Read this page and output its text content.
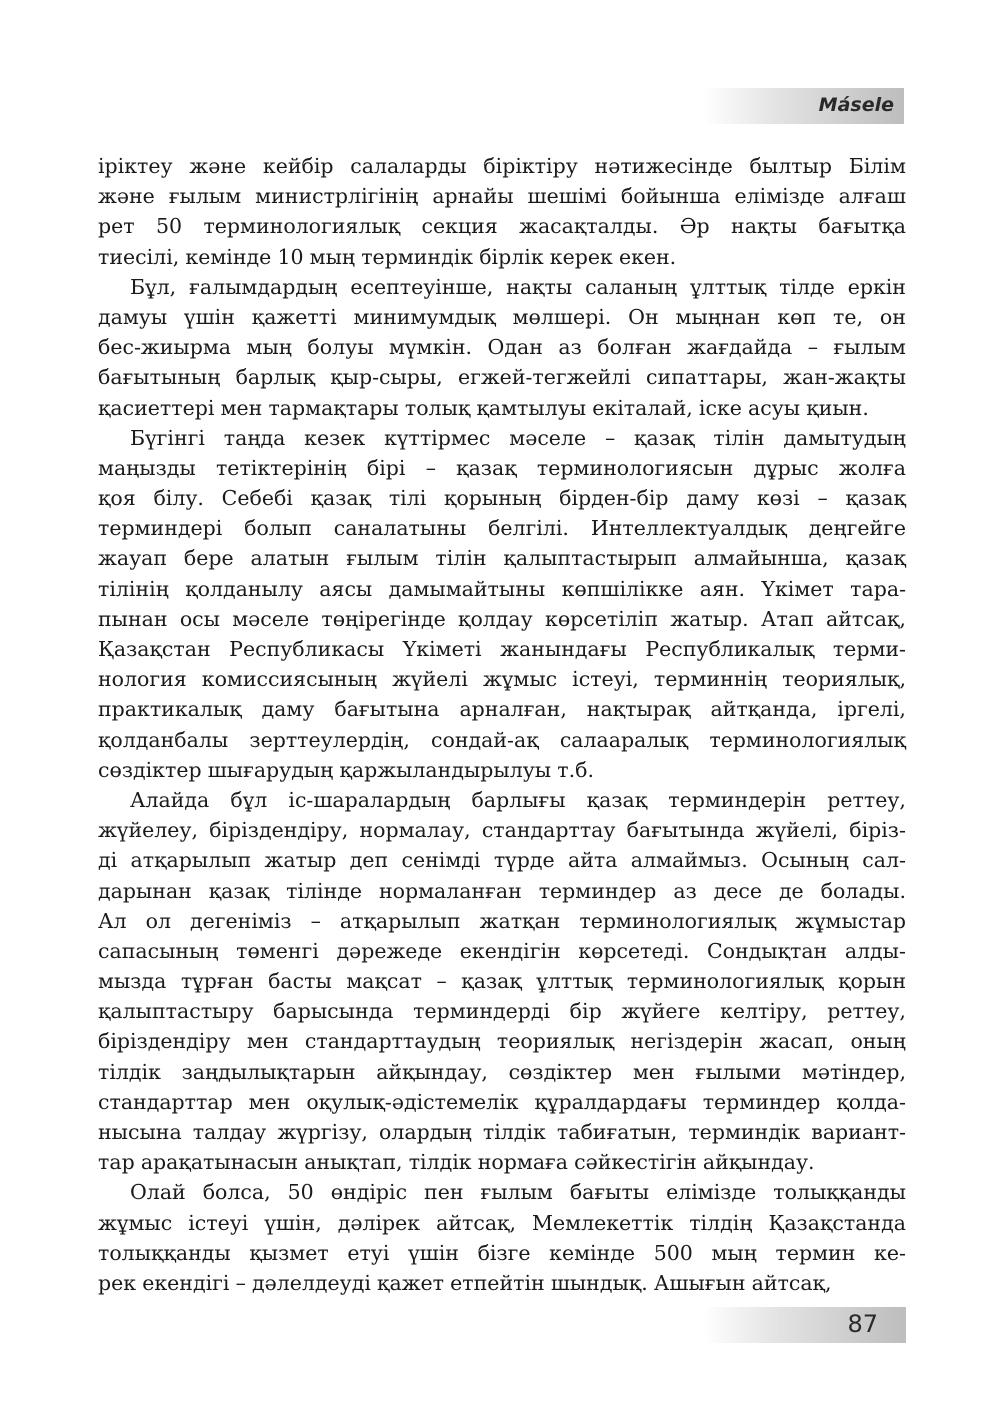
Másele
іріктеу және кейбір салаларды біріктіру нәтижесінде былтыр Білім
және ғылым министрлігінің арнайы шешімі бойынша елімізде алғаш
рет 50 терминологиялық секция жасақталды. Әр нақты бағытқа
тиесілі, кемінде 10 мың терминдік бірлік керек екен.
Бұл, ғалымдардың есептеуінше, нақты саланың ұлттық тілде еркін
дамуы үшін қажетті минимумдық мөлшері. Он мыңнан көп те, он
бес-жиырма мың болуы мүмкін. Одан аз болған жағдайда – ғылым
бағытының барлық қыр-сыры, егжей-тегжейлі сипаттары, жан-жақты
қасиеттері мен тармақтары толық қамтылуы екіталай, іске асуы қиын.
Бүгінгі таңда кезек күттірмес мәселе – қазақ тілін дамытудың
маңызды тетіктерінің бірі – қазақ терминологиясын дұрыс жолға
қоя білу. Себебі қазақ тілі қорының бірден-бір даму көзі – қазақ
терминдері болып саналатыны белгілі. Интеллектуалдық деңгейге
жауап бере алатын ғылым тілін қалыптастырып алмайынша, қазақ
тілінің қолданылу аясы дамымайтыны көпшілікке аян. Үкімет тара-
пынан осы мәселе төңірегінде қолдау көрсетіліп жатыр. Атап айтсақ,
Қазақстан Республикасы Үкіметі жанындағы Республикалық терми-
нология комиссиясының жүйелі жұмыс істеуі, терминнің теориялық,
практикалық даму бағытына арналған, нақтырақ айтқанда, іргелі,
қолданбалы зерттеулердің, сондай-ақ салааралық терминологиялық
сөздіктер шығарудың қаржыландырылуы т.б.
Алайда бұл іс-шаралардың барлығы қазақ терминдерін реттеу,
жүйелеу, біріздендіру, нормалау, стандарттау бағытында жүйелі, біріз-
ді атқарылып жатыр деп сенімді түрде айта алмаймыз. Осының сал-
дарынан қазақ тілінде нормаланған терминдер аз десе де болады.
Ал ол дегеніміз – атқарылып жатқан терминологиялық жұмыстар
сапасының төменгі дәрежеде екендігін көрсетеді. Сондықтан алды-
мызда тұрған басты мақсат – қазақ ұлттық терминологиялық қорын
қалыптастыру барысында терминдерді бір жүйеге келтіру, реттеу,
біріздендіру мен стандарттаудың теориялық негіздерін жасап, оның
тілдік заңдылықтарын айқындау, сөздіктер мен ғылыми мәтіндер,
стандарттар мен оқулық-әдістемелік құралдардағы терминдер қолда-
нысына талдау жүргізу, олардың тілдік табиғатын, терминдік вариант-
тар арақатынасын анықтап, тілдік нормаға сәйкестігін айқындау.
Олай болса, 50 өндіріс пен ғылым бағыты елімізде толыққанды
жұмыс істеуі үшін, дәлірек айтсақ, Мемлекеттік тілдің Қазақстанда
толыққанды қызмет етуі үшін бізге кемінде 500 мың термин ке-
рек екендігі – дәлелдеуді қажет етпейтін шындық. Ашығын айтсақ,
87
